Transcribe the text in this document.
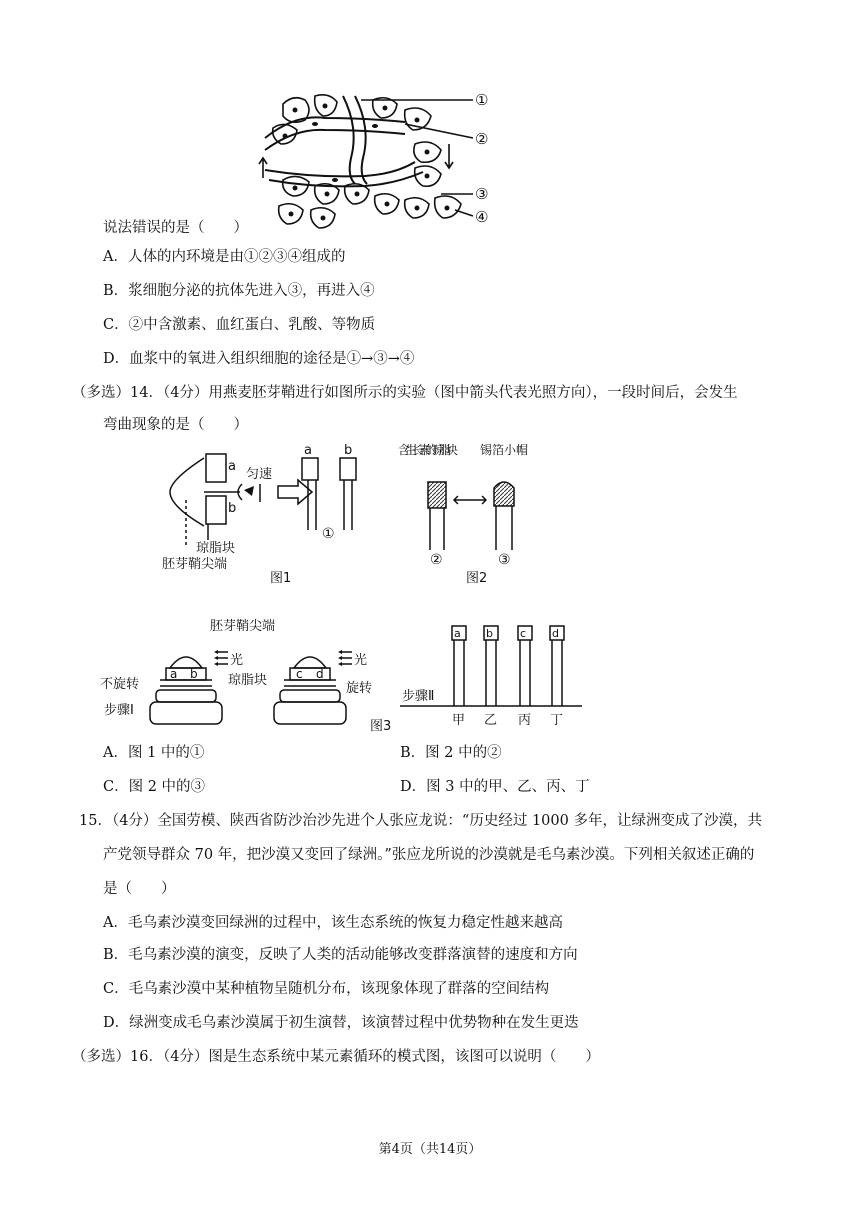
①
②
③
④
说法错误的是（　　）
A．人体的内环境是由①②③④组成的
B．浆细胞分泌的抗体先进入③，再进入④
C．②中含激素、血红蛋白、乳酸、等物质
D．血浆中的氧进入组织细胞的途径是①→③→④
（多选）14．（4分）用燕麦胚芽鞘进行如图所示的实验（图中箭头代表光照方向），一段时间后，会发生
弯曲现象的是（　　）
a
b
匀速
琼脂块
胚芽鞘尖端
a b
①
图1
含生长素的琼脂块 锡箔小帽
②	③
图2
胚芽鞘尖端
光	光
a b	c d
不旋转	琼脂块
旋转
步骤Ⅰ
图3
步骤Ⅱ
a b c d
甲 乙 丙 丁
A．图 1 中的①	B．图 2 中的②
C．图 2 中的③	D．图 3 中的甲、乙、丙、丁
15．（4分）全国劳模、陕西省防沙治沙先进个人张应龙说：“历史经过 1000 多年，让绿洲变成了沙漠，共
产党领导群众 70 年，把沙漠又变回了绿洲。”张应龙所说的沙漠就是毛乌素沙漠。下列相关叙述正确的
是（　　）
A．毛乌素沙漠变回绿洲的过程中，该生态系统的恢复力稳定性越来越高
B．毛乌素沙漠的演变，反映了人类的活动能够改变群落演替的速度和方向
C．毛乌素沙漠中某种植物呈随机分布，该现象体现了群落的空间结构
D．绿洲变成毛乌素沙漠属于初生演替，该演替过程中优势物种在发生更迭
（多选）16．（4分）图是生态系统中某元素循环的模式图，该图可以说明（　　）
第4页（共14页）
